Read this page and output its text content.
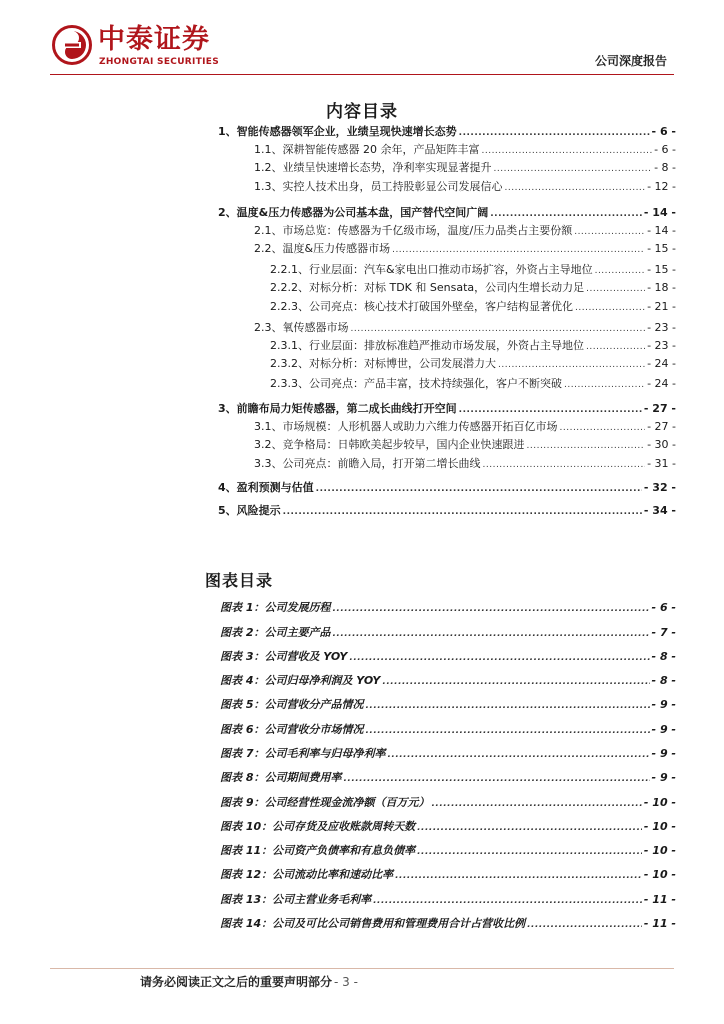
中泰证券
ZHONGTAI SECURITIES	公司深度报告
内容目录
1、智能传感器领军企业，业绩呈现快速增长态势 .....	- 6 -
1.1、深耕智能传感器 20 余年，产品矩阵丰富 .....	- 6 -
1.2、业绩呈快速增长态势，净利率实现显著提升 .....	- 8 -
1.3、实控人技术出身，员工持股彰显公司发展信心 .....	- 12 -
2、温度&压力传感器为公司基本盘，国产替代空间广阔 .....	- 14 -
2.1、市场总览：传感器为千亿级市场，温度/压力品类占主要份额 .....	- 14 -
2.2、温度&压力传感器市场 .....	- 15 -
2.2.1、行业层面：汽车&家电出口推动市场扩容，外资占主导地位 .....	- 15 -
2.2.2、对标分析：对标 TDK 和 Sensata，公司内生增长动力足 .....	- 18 -
2.2.3、公司亮点：核心技术打破国外壁垒，客户结构显著优化 .....	- 21 -
2.3、氧传感器市场 .....	- 23 -
2.3.1、行业层面：排放标准趋严推动市场发展，外资占主导地位 .....	- 23 -
2.3.2、对标分析：对标博世，公司发展潜力大 .....	- 24 -
2.3.3、公司亮点：产品丰富，技术持续强化，客户不断突破 .....	- 24 -
3、前瞻布局力矩传感器，第二成长曲线打开空间 .....	- 27 -
3.1、市场规模：人形机器人或助力六维力传感器开拓百亿市场 .....	- 27 -
3.2、竞争格局：日韩欧美起步较早，国内企业快速跟进 .....	- 30 -
3.3、公司亮点：前瞻入局，打开第二增长曲线 .....	- 31 -
4、盈利预测与估值 .....	- 32 -
5、风险提示 .....	- 34 -
图表目录
图表 1：公司发展历程 .....	- 6 -
图表 2：公司主要产品 .....	- 7 -
图表 3：公司营收及 YOY .....	- 8 -
图表 4：公司归母净利润及 YOY .....	- 8 -
图表 5：公司营收分产品情况 .....	- 9 -
图表 6：公司营收分市场情况 .....	- 9 -
图表 7：公司毛利率与归母净利率 .....	- 9 -
图表 8：公司期间费用率 .....	- 9 -
图表 9：公司经营性现金流净额（百万元） .....	- 10 -
图表 10：公司存货及应收账款周转天数 .....	- 10 -
图表 11：公司资产负债率和有息负债率 .....	- 10 -
图表 12：公司流动比率和速动比率 .....	- 10 -
图表 13：公司主营业务毛利率 .....	- 11 -
图表 14：公司及可比公司销售费用和管理费用合计占营收比例 .....	- 11 -
请务必阅读正文之后的重要声明部分 - 3 -
